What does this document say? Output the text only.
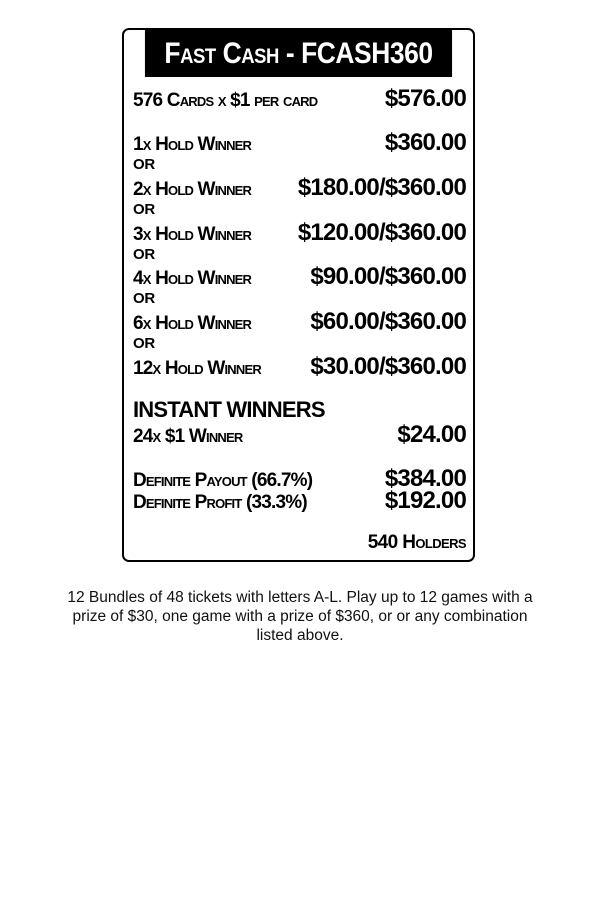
Fast Cash - FCASH360
576 Cards x $1 per card	$576.00
1x Hold Winner	$360.00
OR
2x Hold Winner $180.00/$360.00
OR
3x Hold Winner $120.00/$360.00
OR
4x Hold Winner $90.00/$360.00
OR
6x Hold Winner $60.00/$360.00
OR
12x Hold Winner $30.00/$360.00
INSTANT WINNERS
24x $1 Winner	$24.00
Definite Payout (66.7%)	$384.00
Definite Profit (33.3%)	$192.00
540 Holders
12 Bundles of 48 tickets with letters A-L. Play up to 12 games with a prize of $30, one game with a prize of $360, or or any combination listed above.
